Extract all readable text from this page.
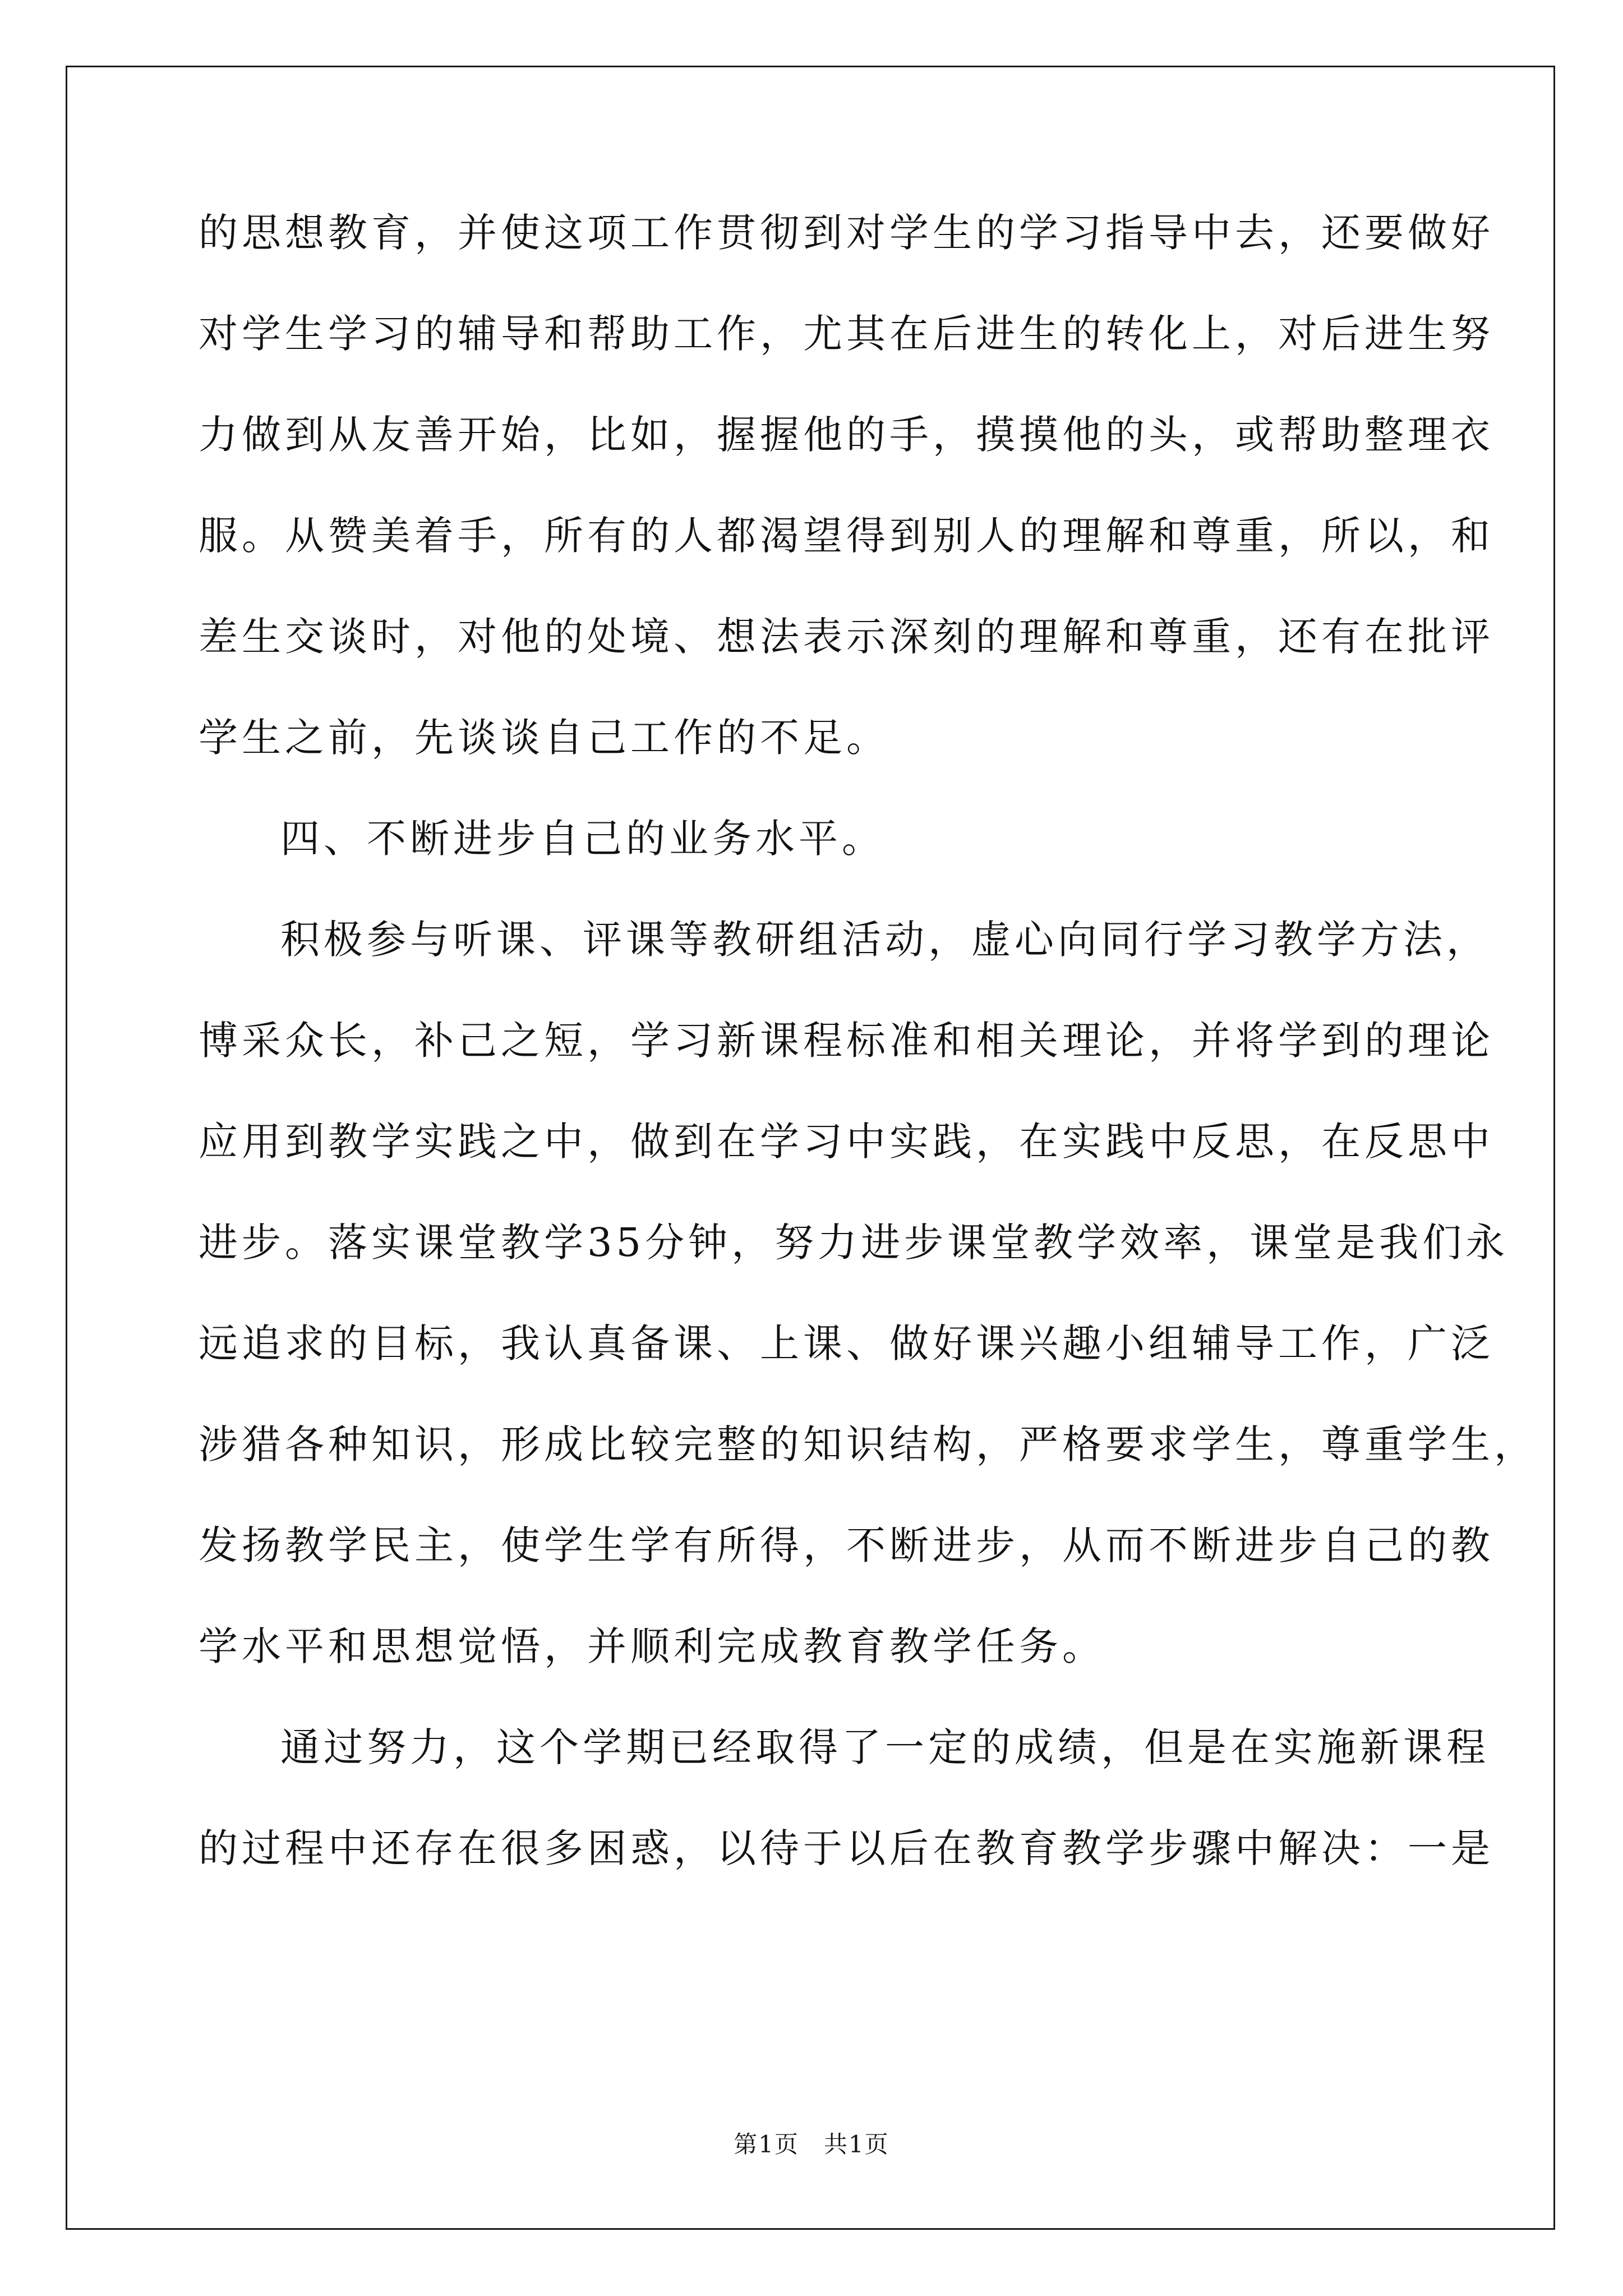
的思想教育，并使这项工作贯彻到对学生的学习指导中去，还要做好
对学生学习的辅导和帮助工作，尤其在后进生的转化上，对后进生努
力做到从友善开始，比如，握握他的手，摸摸他的头，或帮助整理衣
服。从赞美着手，所有的人都渴望得到别人的理解和尊重，所以，和
差生交谈时，对他的处境、想法表示深刻的理解和尊重，还有在批评
学生之前，先谈谈自己工作的不足。
四、不断进步自己的业务水平。
积极参与听课、评课等教研组活动，虚心向同行学习教学方法，
博采众长，补己之短，学习新课程标准和相关理论，并将学到的理论
应用到教学实践之中，做到在学习中实践，在实践中反思，在反思中
进步。落实课堂教学35分钟，努力进步课堂教学效率，课堂是我们永
远追求的目标，我认真备课、上课、做好课兴趣小组辅导工作，广泛
涉猎各种知识，形成比较完整的知识结构，严格要求学生，尊重学生，
发扬教学民主，使学生学有所得，不断进步，从而不断进步自己的教
学水平和思想觉悟，并顺利完成教育教学任务。
通过努力，这个学期已经取得了一定的成绩，但是在实施新课程
的过程中还存在很多困惑，以待于以后在教育教学步骤中解决：一是
第1页　共1页
